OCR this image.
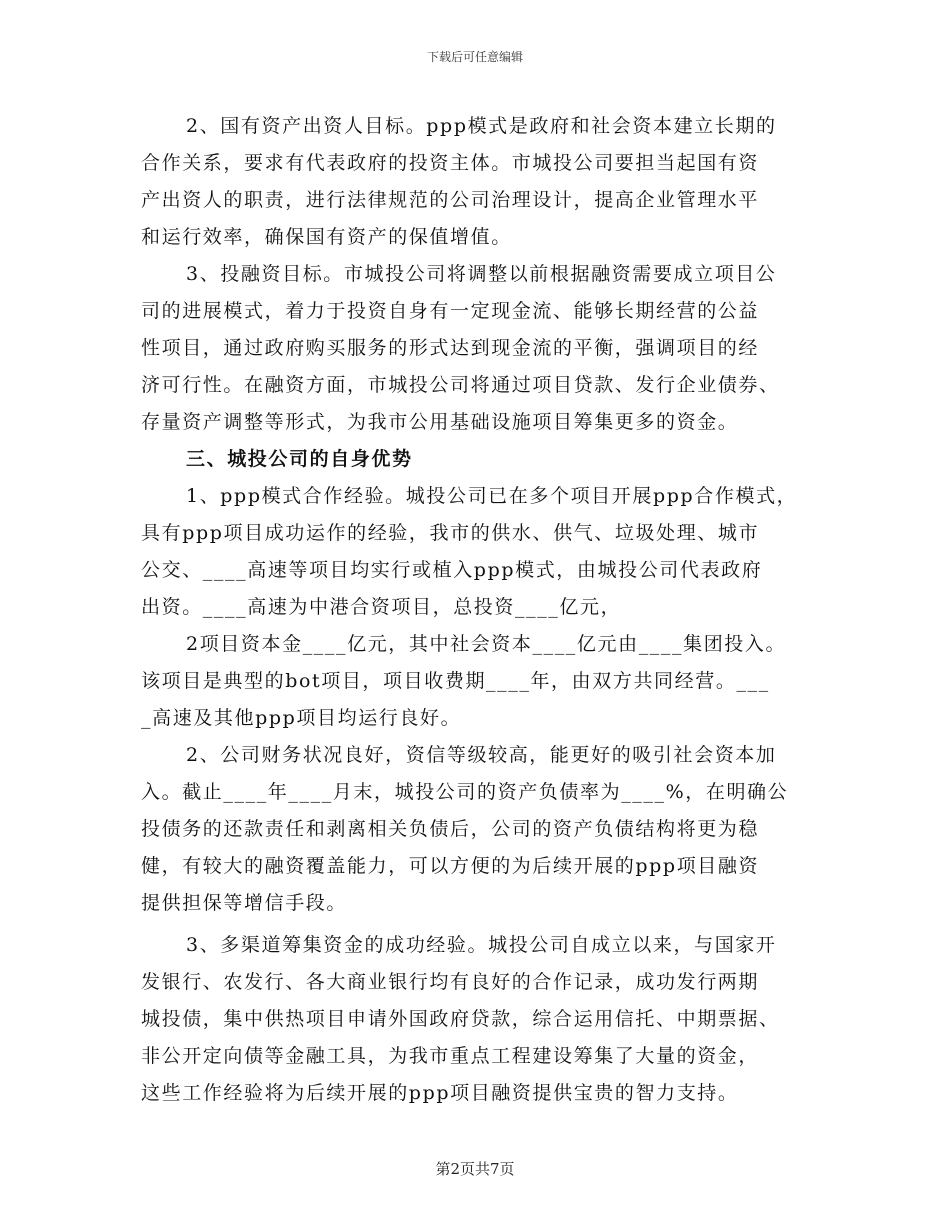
下载后可任意编辑
2、国有资产出资人目标。ppp模式是政府和社会资本建立长期的
合作关系，要求有代表政府的投资主体。市城投公司要担当起国有资
产出资人的职责，进行法律规范的公司治理设计，提高企业管理水平
和运行效率，确保国有资产的保值增值。
3、投融资目标。市城投公司将调整以前根据融资需要成立项目公
司的进展模式，着力于投资自身有一定现金流、能够长期经营的公益
性项目，通过政府购买服务的形式达到现金流的平衡，强调项目的经
济可行性。在融资方面，市城投公司将通过项目贷款、发行企业债券、
存量资产调整等形式，为我市公用基础设施项目筹集更多的资金。
三、城投公司的自身优势
1、ppp模式合作经验。城投公司已在多个项目开展ppp合作模式，
具有ppp项目成功运作的经验，我市的供水、供气、垃圾处理、城市
公交、____高速等项目均实行或植入ppp模式，由城投公司代表政府
出资。____高速为中港合资项目，总投资____亿元，
2项目资本金____亿元，其中社会资本____亿元由____集团投入。
该项目是典型的bot项目，项目收费期____年，由双方共同经营。___
_高速及其他ppp项目均运行良好。
2、公司财务状况良好，资信等级较高，能更好的吸引社会资本加
入。截止____年____月末，城投公司的资产负债率为____%，在明确公
投债务的还款责任和剥离相关负债后，公司的资产负债结构将更为稳
健，有较大的融资覆盖能力，可以方便的为后续开展的ppp项目融资
提供担保等增信手段。
3、多渠道筹集资金的成功经验。城投公司自成立以来，与国家开
发银行、农发行、各大商业银行均有良好的合作记录，成功发行两期
城投债，集中供热项目申请外国政府贷款，综合运用信托、中期票据、
非公开定向债等金融工具，为我市重点工程建设筹集了大量的资金，
这些工作经验将为后续开展的ppp项目融资提供宝贵的智力支持。
第2页共7页
